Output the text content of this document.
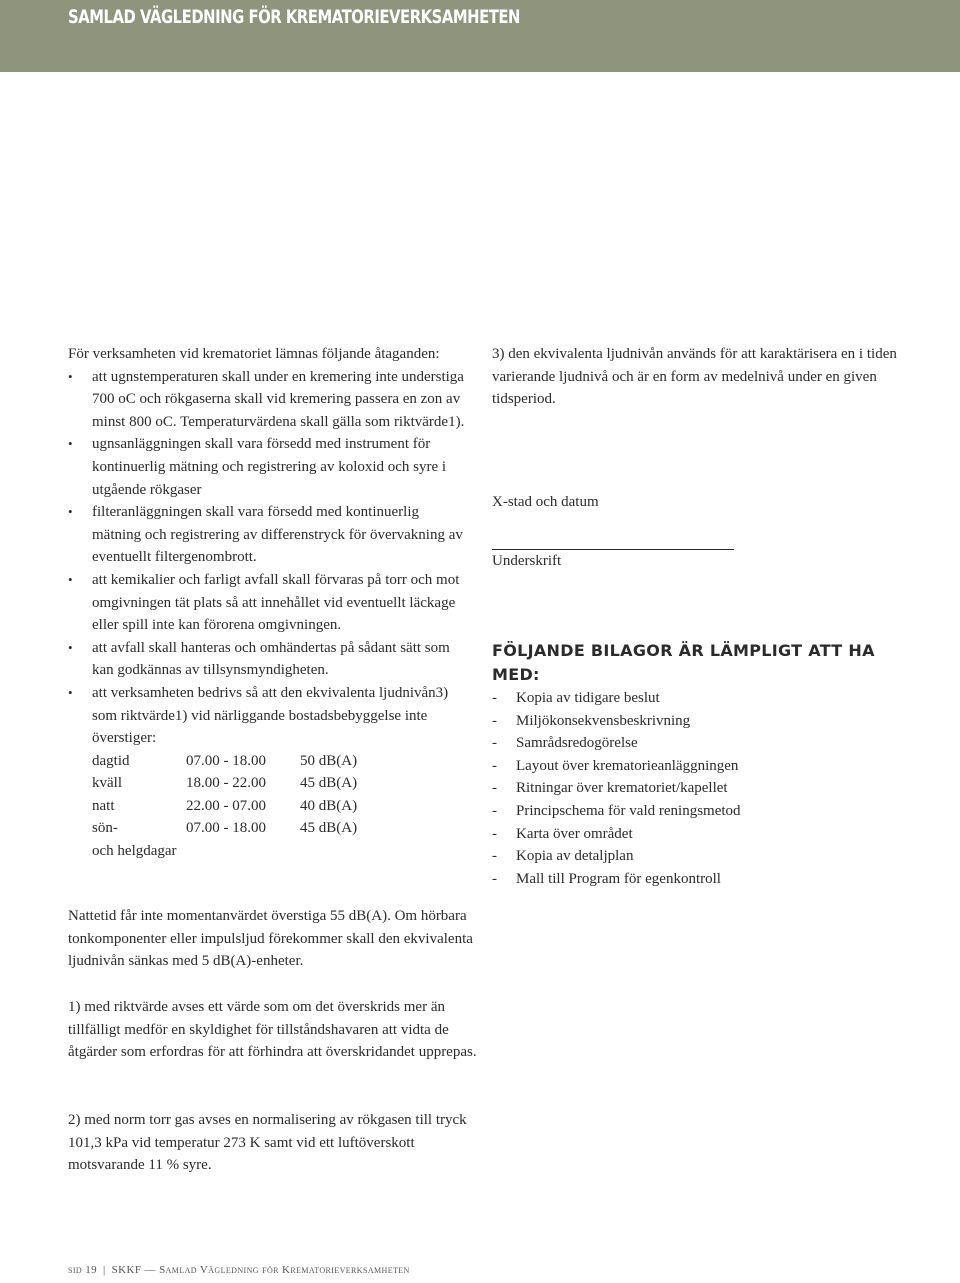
SAMLAD VÄGLEDNING FÖR KREMATORIEVERKSAMHETEN

För verksamheten vid krematoriet lämnas följande åtaganden:

• att ugnstemperaturen skall under en kremering inte understiga 700 oC och rökgaserna skall vid kremering passera en zon av minst 800 oC. Temperaturvärdena skall gälla som riktvärde1).
• ugnsanläggningen skall vara försedd med instrument för kontinuerlig mätning och registrering av koloxid och syre i utgående rökgaser
• filteranläggningen skall vara försedd med kontinuerlig mätning och registrering av differenstryck för övervakning av eventuellt filtergenombrott.
• att kemikalier och farligt avfall skall förvaras på torr och mot omgivningen tät plats så att innehållet vid eventuellt läckage eller spill inte kan förorena omgivningen.
• att avfall skall hanteras och omhändertas på sådant sätt som kan godkännas av tillsynsmyndigheten.
• att verksamheten bedrivs så att den ekvivalenta ljudnivån3) som riktvärde1) vid närliggande bostadsbebyggelse inte överstiger:
dagtid	07.00 - 18.00	50 dB(A)
kväll	18.00 - 22.00	45 dB(A)
natt	22.00 - 07.00	40 dB(A)
sön-	07.00 - 18.00	45 dB(A)
och helgdagar		

3) den ekvivalenta ljudnivån används för att karaktärisera en i tiden varierande ljudnivå och är en form av medelnivå under en given tidsperiod.

X-stad och datum

Underskrift

FÖLJANDE BILAGOR ÄR LÄMPLIGT ATT HA MED:
- Kopia av tidigare beslut
- Miljökonsekvensbeskrivning
- Samrådsredogörelse
- Layout över krematorieanläggningen
- Ritningar över krematoriet/kapellet
- Principschema för vald reningsmetod
- Karta över området
- Kopia av detaljplan
- Mall till Program för egenkontroll

Nattetid får inte momentanvärdet överstiga 55 dB(A). Om hörbara tonkomponenter eller impulsljud förekommer skall den ekvivalenta ljudnivån sänkas med 5 dB(A)-enheter.

1) med riktvärde avses ett värde som om det överskrids mer än tillfälligt medför en skyldighet för tillståndshavaren att vidta de åtgärder som erfordras för att förhindra att överskridandet upprepas.

2) med norm torr gas avses en normalisering av rökgasen till tryck 101,3 kPa vid temperatur 273 K samt vid ett luftöverskott motsvarande 11 % syre.

sid 19 | SKKF — Samlad Vägledning för Krematorieverksamheten
